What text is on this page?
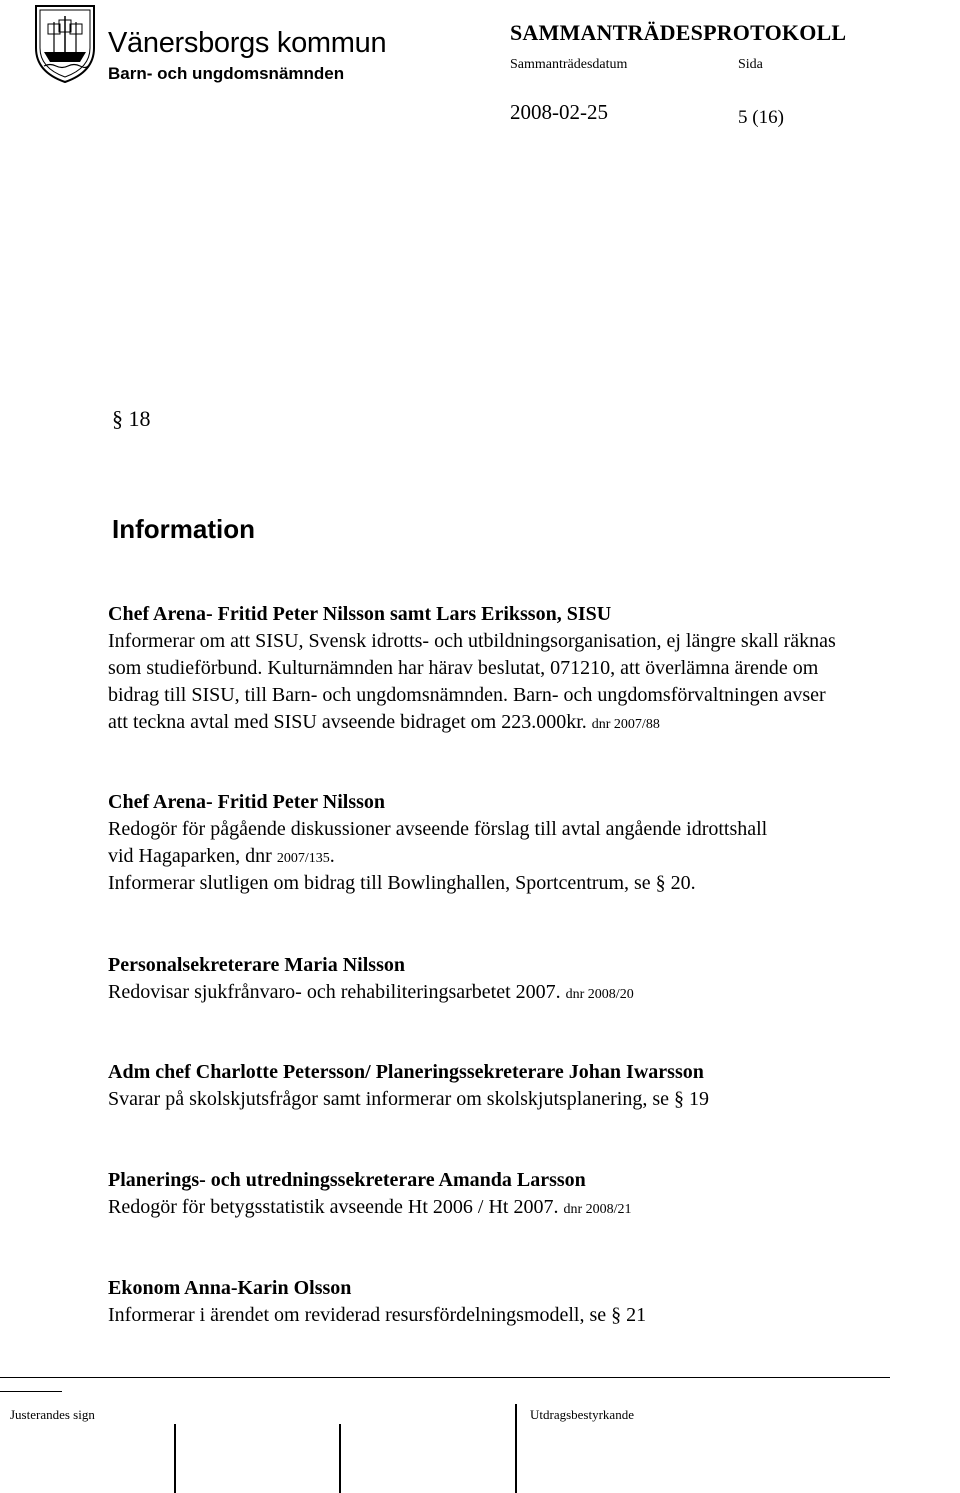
Vänersborgs kommun
Barn- och ungdomsnämnden
SAMMANTRÄDESPROTOKOLL
Sammanträdesdatum	Sida
2008-02-25	5 (16)
§ 18
Information
Chef Arena- Fritid Peter Nilsson samt Lars Eriksson, SISU
Informerar om att SISU, Svensk idrotts- och utbildningsorganisation, ej längre skall räknas
som studieförbund. Kulturnämnden har härav beslutat, 071210, att överlämna ärende om
bidrag till SISU, till Barn- och ungdomsnämnden. Barn- och ungdomsförvaltningen avser
att teckna avtal med SISU avseende bidraget om 223.000kr. dnr 2007/88
Chef Arena- Fritid Peter Nilsson
Redogör för pågående diskussioner avseende förslag till avtal angående idrottshall
vid Hagaparken, dnr 2007/135.
Informerar slutligen om bidrag till Bowlinghallen, Sportcentrum, se § 20.
Personalsekreterare Maria Nilsson
Redovisar sjukfrånvaro- och rehabiliteringsarbetet 2007. dnr 2008/20
Adm chef Charlotte Petersson/ Planeringssekreterare Johan Iwarsson
Svarar på skolskjutsfrågor samt informerar om skolskjutsplanering, se § 19
Planerings- och utredningssekreterare Amanda Larsson
Redogör för betygsstatistik avseende Ht 2006 / Ht 2007. dnr 2008/21
Ekonom Anna-Karin Olsson
Informerar i ärendet om reviderad resursfördelningsmodell, se § 21
Justerandes sign	Utdragsbestyrkande
